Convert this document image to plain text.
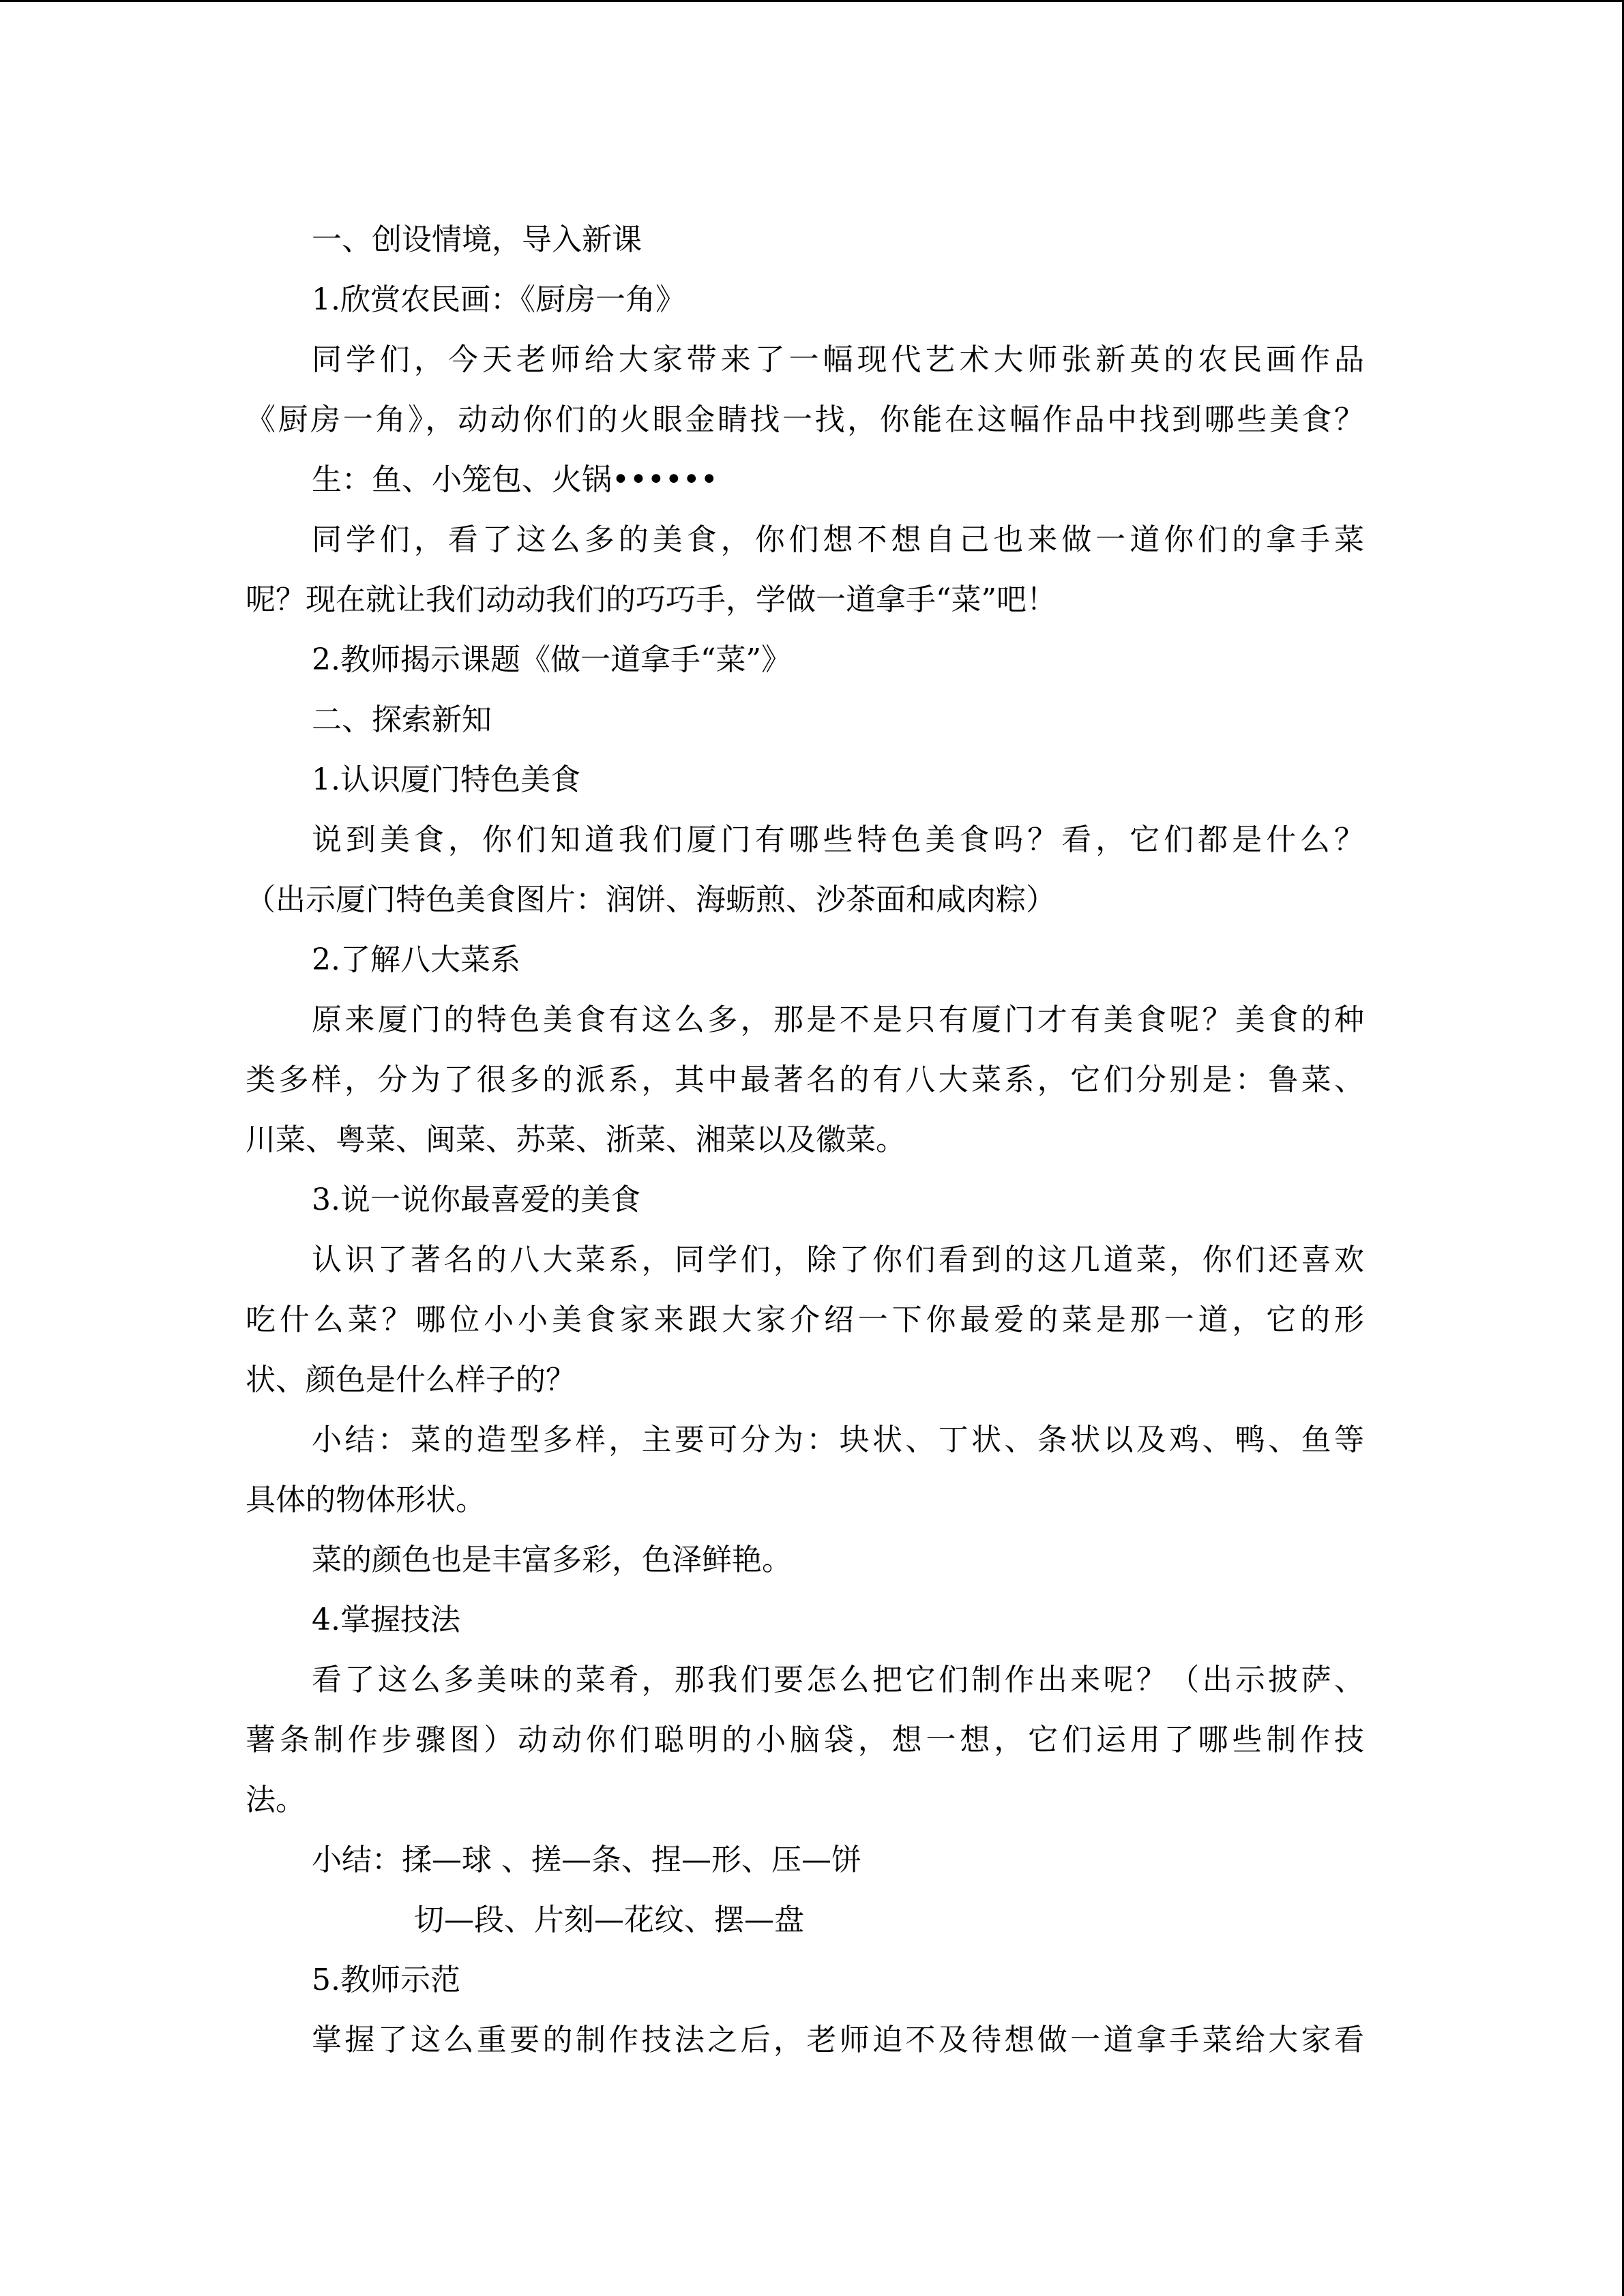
一、创设情境，导入新课

1.欣赏农民画：《厨房一角》

同学们，今天老师给大家带来了一幅现代艺术大师张新英的农民画作品

《厨房一角》，动动你们的火眼金睛找一找，你能在这幅作品中找到哪些美食？

生：鱼、小笼包、火锅••••••

同学们，看了这么多的美食，你们想不想自己也来做一道你们的拿手菜

呢？现在就让我们动动我们的巧巧手，学做一道拿手“菜”吧！

2.教师揭示课题《做一道拿手“菜”》

二、探索新知

1.认识厦门特色美食

说到美食，你们知道我们厦门有哪些特色美食吗？看，它们都是什么？

（出示厦门特色美食图片：润饼、海蛎煎、沙茶面和咸肉粽）

2.了解八大菜系

原来厦门的特色美食有这么多，那是不是只有厦门才有美食呢？美食的种

类多样，分为了很多的派系，其中最著名的有八大菜系，它们分别是：鲁菜、

川菜、粤菜、闽菜、苏菜、浙菜、湘菜以及徽菜。

3.说一说你最喜爱的美食

认识了著名的八大菜系，同学们，除了你们看到的这几道菜，你们还喜欢

吃什么菜？哪位小小美食家来跟大家介绍一下你最爱的菜是那一道，它的形

状、颜色是什么样子的？

小结：菜的造型多样，主要可分为：块状、丁状、条状以及鸡、鸭、鱼等

具体的物体形状。

菜的颜色也是丰富多彩，色泽鲜艳。

4.掌握技法

看了这么多美味的菜肴，那我们要怎么把它们制作出来呢？（出示披萨、

薯条制作步骤图）动动你们聪明的小脑袋，想一想，它们运用了哪些制作技

法。

小结：揉—球 、搓—条、捏—形、压—饼

切—段、片刻—花纹、摆—盘

5.教师示范

掌握了这么重要的制作技法之后，老师迫不及待想做一道拿手菜给大家看
